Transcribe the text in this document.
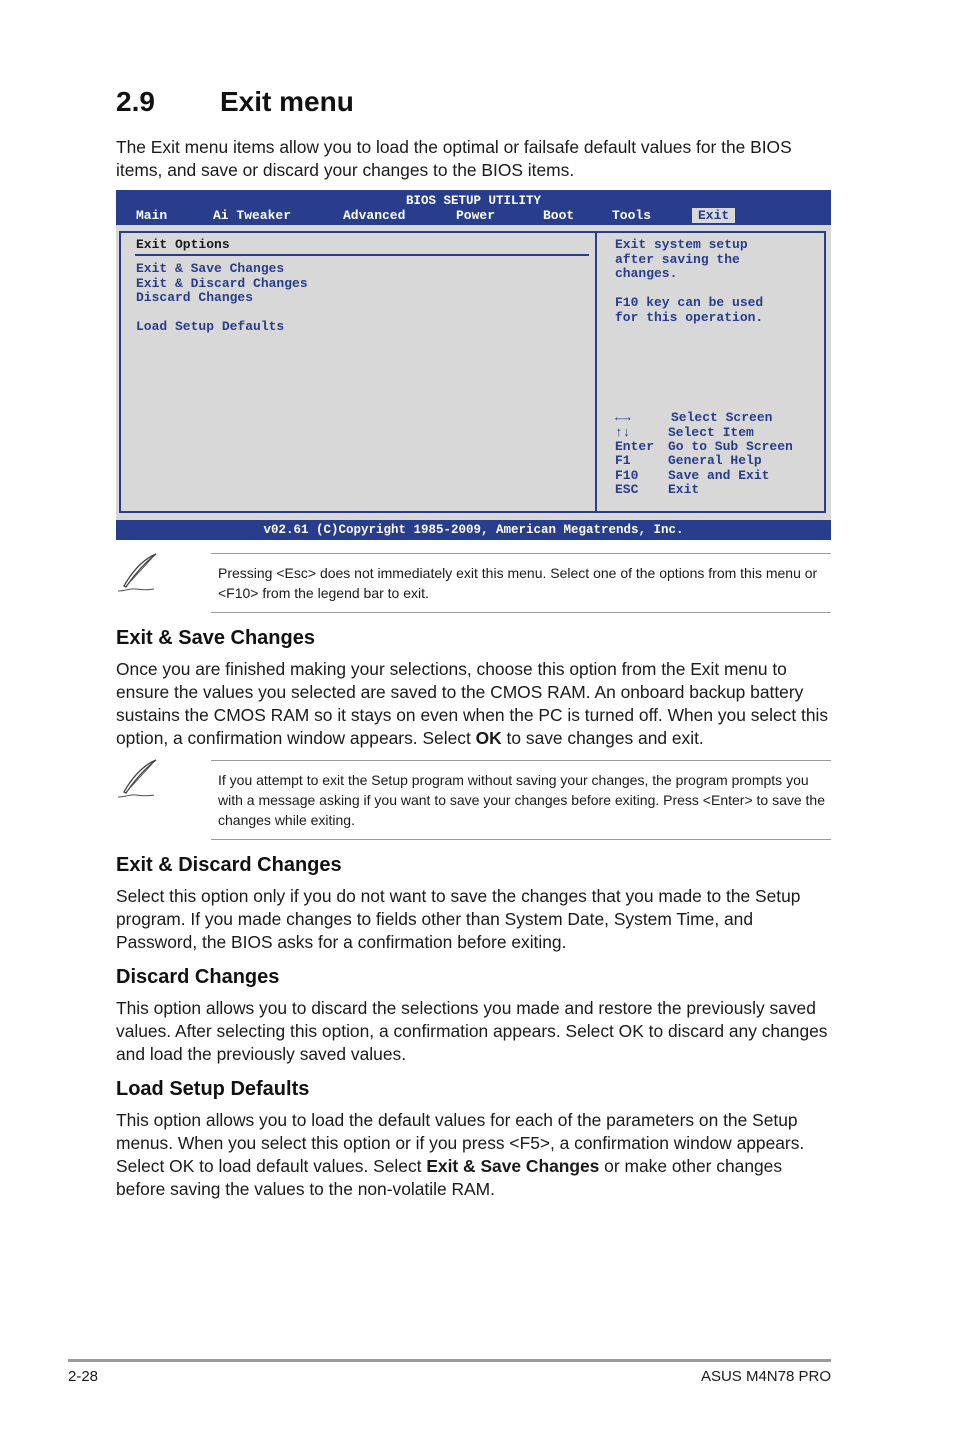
2.9 Exit menu
The Exit menu items allow you to load the optimal or failsafe default values for the BIOS items, and save or discard your changes to the BIOS items.
BIOS SETUP UTILITY
Main	Ai Tweaker	Advanced	Power	Boot	Tools	Exit
Exit Options
Exit & Save Changes
Exit & Discard Changes
Discard Changes
Load Setup Defaults
Exit system setup
after saving the
changes.
F10 key can be used
for this operation.
←→	Select Screen
↑↓	Select Item
Enter Go to Sub Screen
F1	General Help
F10 Save and Exit
ESC Exit
v02.61 (C)Copyright 1985-2009, American Megatrends, Inc.
Pressing <Esc> does not immediately exit this menu. Select one of the options from this menu or <F10> from the legend bar to exit.
Exit & Save Changes
Once you are finished making your selections, choose this option from the Exit menu to ensure the values you selected are saved to the CMOS RAM. An onboard backup battery sustains the CMOS RAM so it stays on even when the PC is turned off. When you select this option, a confirmation window appears. Select OK to save changes and exit.
If you attempt to exit the Setup program without saving your changes, the program prompts you with a message asking if you want to save your changes before exiting. Press <Enter> to save the changes while exiting.
Exit & Discard Changes
Select this option only if you do not want to save the changes that you made to the Setup program. If you made changes to fields other than System Date, System Time, and Password, the BIOS asks for a confirmation before exiting.
Discard Changes
This option allows you to discard the selections you made and restore the previously saved values. After selecting this option, a confirmation appears. Select OK to discard any changes and load the previously saved values.
Load Setup Defaults
This option allows you to load the default values for each of the parameters on the Setup menus. When you select this option or if you press <F5>, a confirmation window appears. Select OK to load default values. Select Exit & Save Changes or make other changes before saving the values to the non-volatile RAM.
2-28	ASUS M4N78 PRO
